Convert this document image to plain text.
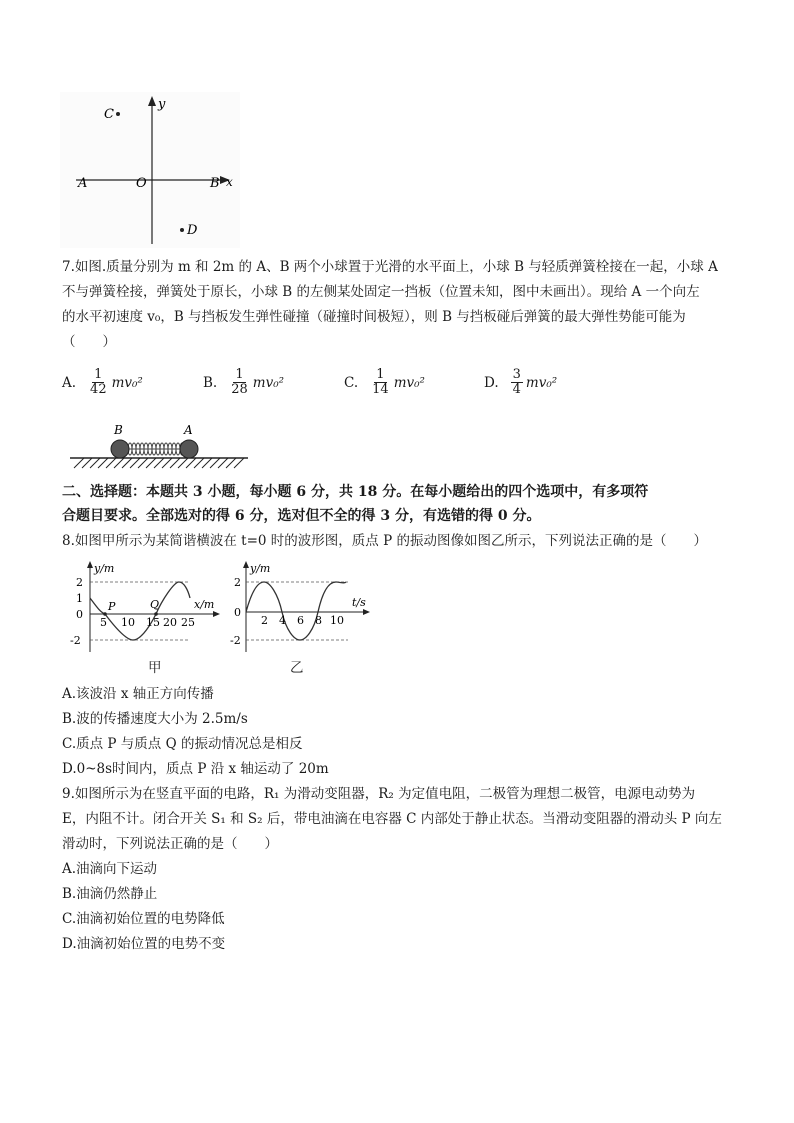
C
y
A	O	B x
D
7.如图.质量分别为 m 和 2m 的 A、B 两个小球置于光滑的水平面上，小球 B 与轻质弹簧栓接在一起，小球 A
不与弹簧栓接，弹簧处于原长，小球 B 的左侧某处固定一挡板（位置未知，图中未画出）。现给 A 一个向左
的水平初速度 v₀，B 与挡板发生弹性碰撞（碰撞时间极短），则 B 与挡板碰后弹簧的最大弹性势能可能为
（　　）
A. $\frac{1}{42} mv_0^2$	B. $\frac{1}{28} mv_0^2$	C. $\frac{1}{14} mv_0^2$	D. $\frac{3}{4} mv_0^2$
B	A
二、选择题：本题共 3 小题，每小题 6 分，共 18 分。在每小题给出的四个选项中，有多项符
合题目要求。全部选对的得 6 分，选对但不全的得 3 分，有选错的得 0 分。
8.如图甲所示为某简谐横波在 t=0 时的波形图，质点 P 的振动图像如图乙所示，下列说法正确的是（　　）
P	Q
y/m
x/m
2
1
0
-2
5 10 15 20 25
y/m
t/s
2
0
-2
2 4 6 8 10
甲	乙
A.该波沿 x 轴正方向传播
B.波的传播速度大小为 2.5m/s
C.质点 P 与质点 Q 的振动情况总是相反
D.0~8s时间内，质点 P 沿 x 轴运动了 20m
9.如图所示为在竖直平面的电路，R₁ 为滑动变阻器，R₂ 为定值电阻，二极管为理想二极管，电源电动势为
E，内阻不计。闭合开关 S₁ 和 S₂ 后，带电油滴在电容器 C 内部处于静止状态。当滑动变阻器的滑动头 P 向左
滑动时，下列说法正确的是（　　）
A.油滴向下运动
B.油滴仍然静止
C.油滴初始位置的电势降低
D.油滴初始位置的电势不变
